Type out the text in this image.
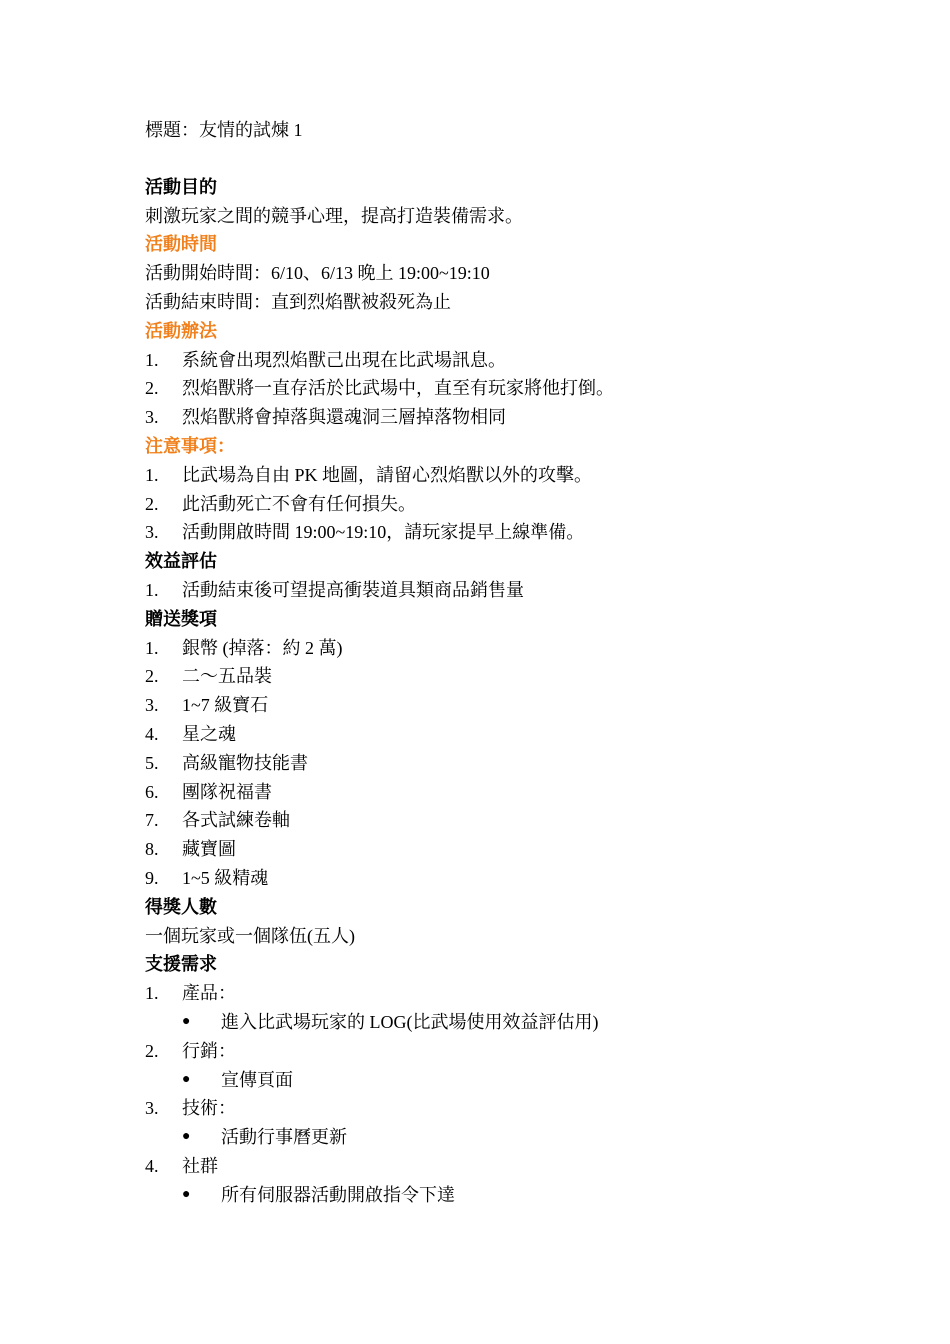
標題：友情的試煉 1
活動目的
刺激玩家之間的競爭心理，提高打造裝備需求。
活動時間
活動開始時間：6/10、6/13 晚上 19:00~19:10
活動結束時間：直到烈焰獸被殺死為止
活動辦法
1. 系統會出現烈焰獸己出現在比武場訊息。
2. 烈焰獸將一直存活於比武場中，直至有玩家將他打倒。
3. 烈焰獸將會掉落與還魂洞三層掉落物相同
注意事項：
1. 比武場為自由 PK 地圖，請留心烈焰獸以外的攻擊。
2. 此活動死亡不會有任何損失。
3. 活動開啟時間 19:00~19:10，請玩家提早上線準備。
效益評估
1. 活動結束後可望提高衝裝道具類商品銷售量
贈送獎項
1. 銀幣 (掉落：約 2 萬)
2. 二～五品裝
3. 1~7 級寶石
4. 星之魂
5. 高級寵物技能書
6. 團隊祝福書
7. 各式試練卷軸
8. 藏寶圖
9. 1~5 級精魂
得獎人數
一個玩家或一個隊伍(五人)
支援需求
1. 產品：
● 進入比武場玩家的 LOG(比武場使用效益評估用)
2. 行銷：
● 宣傳頁面
3. 技術：
● 活動行事曆更新
4. 社群
● 所有伺服器活動開啟指令下達
